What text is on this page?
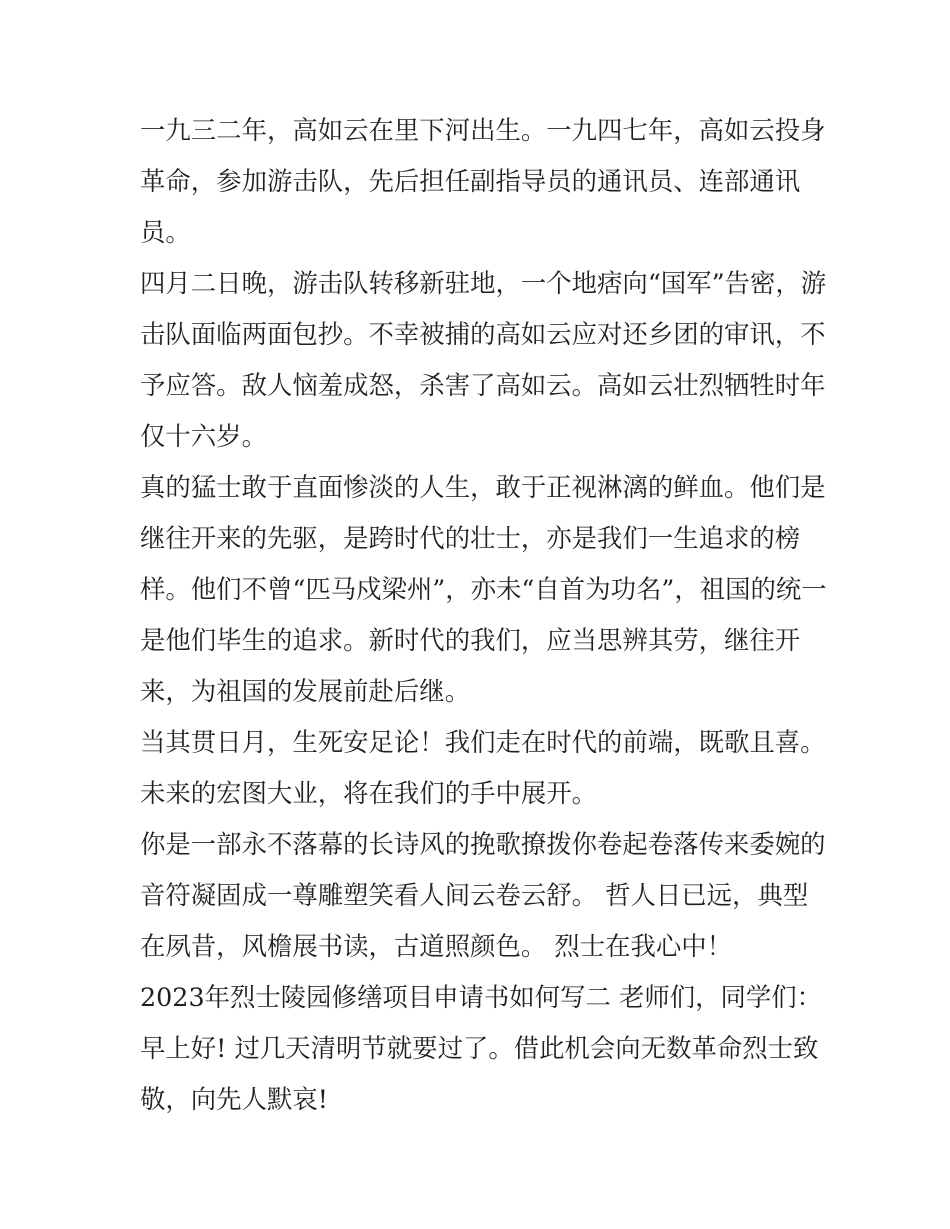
一九三二年，高如云在里下河出生。一九四七年，高如云投身
革命，参加游击队，先后担任副指导员的通讯员、连部通讯
员。

四月二日晚，游击队转移新驻地，一个地痞向“国军”告密，游
击队面临两面包抄。不幸被捕的高如云应对还乡团的审讯，不
予应答。敌人恼羞成怒，杀害了高如云。高如云壮烈牺牲时年
仅十六岁。

真的猛士敢于直面惨淡的人生，敢于正视淋漓的鲜血。他们是
继往开来的先驱，是跨时代的壮士，亦是我们一生追求的榜
样。他们不曾“匹马戍梁州”，亦未“自首为功名”，祖国的统一
是他们毕生的追求。新时代的我们，应当思辨其劳，继往开
来，为祖国的发展前赴后继。

当其贯日月，生死安足论！我们走在时代的前端，既歌且喜。
未来的宏图大业，将在我们的手中展开。

你是一部永不落幕的长诗风的挽歌撩拨你卷起卷落传来委婉的
音符凝固成一尊雕塑笑看人间云卷云舒。 哲人日已远，典型
在夙昔，风檐展书读，古道照颜色。 烈士在我心中！

2023年烈士陵园修缮项目申请书如何写二 老师们，同学们：
早上好! 过几天清明节就要过了。借此机会向无数革命烈士致
敬，向先人默哀!
